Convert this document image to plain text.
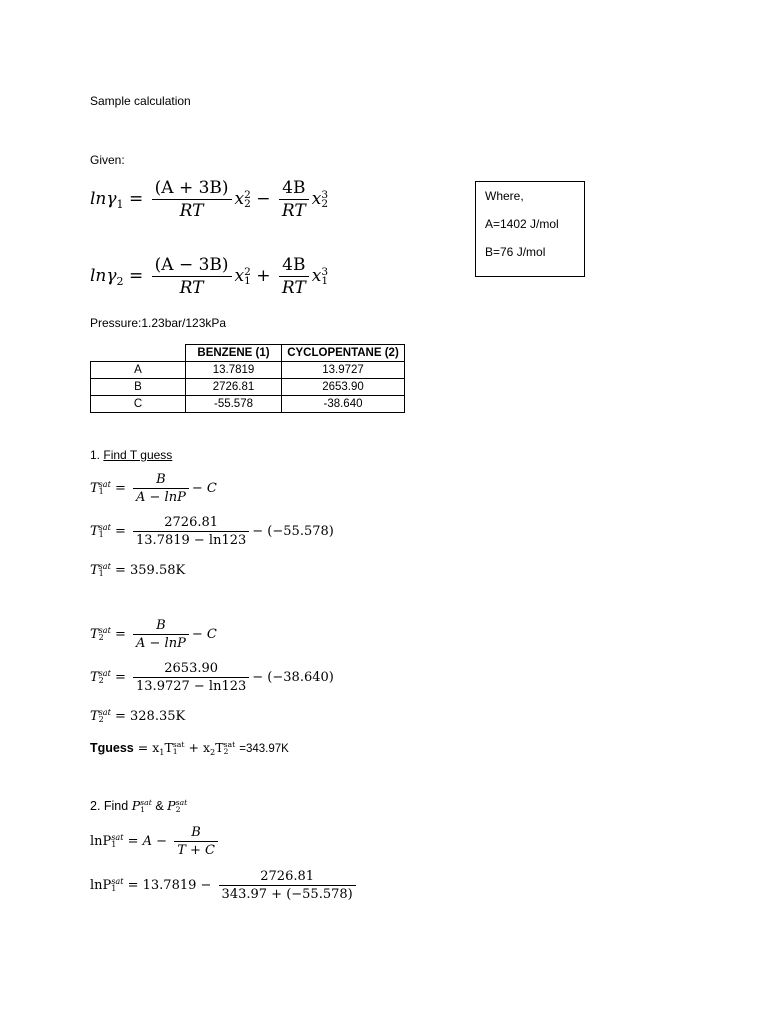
Sample calculation
Given:
$\ln\gamma_1 = \frac{(A + 3B)}{RT}$ x 2
$2 - \frac{4B}{RT}$ x 3
2
$\ln\gamma_2 = \frac{(A - 3B)}{RT}$ x 2
$1 + \frac{4B}{RT}$ x 3
1
Where,
A=1402 J/mol
B=76 J/mol
Pressure:1.23bar/123kPa
	BENZENE (1)	CYCLOPENTANE (2)
A	13.7819	13.9727
B	2726.81	2653.90
C	-55.578	-38.640
1. Find T guess
T sat
$1 = \frac{B}{A - \ln P} - C$
T sat
$1 = \frac{2726.81}{13.7819 - \ln 123} - (-55.578)$
T sat
1 = 359.58K
T sat
$2 = \frac{B}{A - \ln P} - C$
T sat
$2 = \frac{2653.90}{13.9727 - \ln 123} - (-38.640)$
T sat
2 = 328.35K
Tguess = $x_1T$ sat
$1 + x_2T$ sat
2 =343.97K
2. Find P sat
1 & P sat
2
lnP sat
$1 = A - \frac{B}{T + C}$
lnP sat
$1 = 13.7819 - \frac{2726.81}{343.97 + (-55.578)}$
